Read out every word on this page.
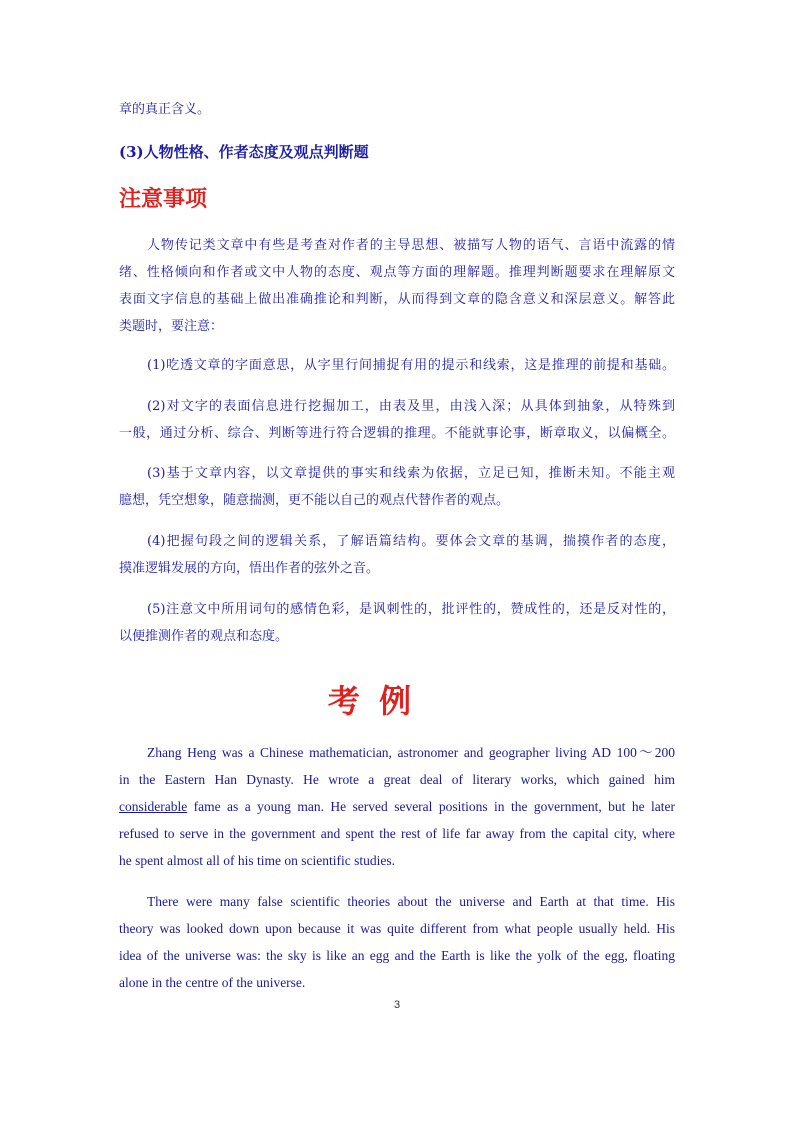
章的真正含义。
(3)人物性格、作者态度及观点判断题
注意事项
人物传记类文章中有些是考查对作者的主导思想、被描写人物的语气、言语中流露的情
绪、性格倾向和作者或文中人物的态度、观点等方面的理解题。推理判断题要求在理解原文
表面文字信息的基础上做出准确推论和判断，从而得到文章的隐含意义和深层意义。解答此
类题时，要注意：
(1)吃透文章的字面意思，从字里行间捕捉有用的提示和线索，这是推理的前提和基础。
(2)对文字的表面信息进行挖掘加工，由表及里，由浅入深；从具体到抽象，从特殊到
一般，通过分析、综合、判断等进行符合逻辑的推理。不能就事论事，断章取义，以偏概全。
(3)基于文章内容，以文章提供的事实和线索为依据，立足已知，推断未知。不能主观
臆想，凭空想象，随意揣测，更不能以自己的观点代替作者的观点。
(4)把握句段之间的逻辑关系，了解语篇结构。要体会文章的基调，揣摸作者的态度，
摸准逻辑发展的方向，悟出作者的弦外之音。
(5)注意文中所用词句的感情色彩，是讽刺性的，批评性的，赞成性的，还是反对性的，
以便推测作者的观点和态度。
考 例
Zhang Heng was a Chinese mathematician, astronomer and geographer living AD 100～200
in the Eastern Han Dynasty. He wrote a great deal of literary works, which gained him
considerable fame as a young man. He served several positions in the government, but he later
refused to serve in the government and spent the rest of life far away from the capital city, where
he spent almost all of his time on scientific studies.
There were many false scientific theories about the universe and Earth at that time. His
theory was looked down upon because it was quite different from what people usually held. His
idea of the universe was: the sky is like an egg and the Earth is like the yolk of the egg, floating
alone in the centre of the universe.
3
